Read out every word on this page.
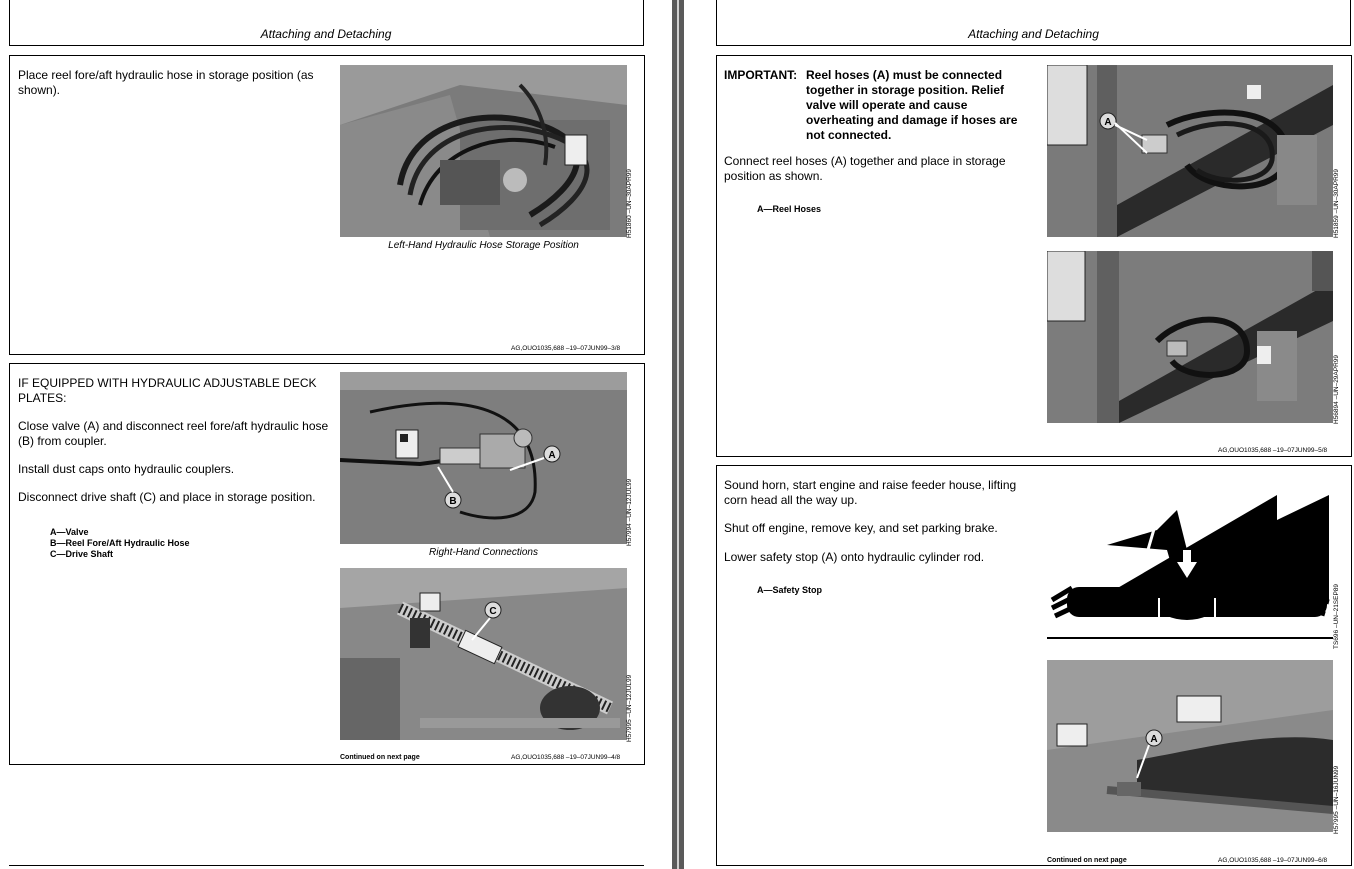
Attaching and Detaching
Place reel fore/aft hydraulic hose in storage position (as shown).
H51860 –UN–30APR99
Left-Hand Hydraulic Hose Storage Position
AG,OUO1035,688 –19–07JUN99–3/8
IF EQUIPPED WITH HYDRAULIC ADJUSTABLE DECK PLATES:
Close valve (A) and disconnect reel fore/aft hydraulic hose (B) from coupler.
Install dust caps onto hydraulic couplers.
Disconnect drive shaft (C) and place in storage position.
A—Valve
B—Reel Fore/Aft Hydraulic Hose
C—Drive Shaft
B
A
H57994 –UN–12JUL99
Right-Hand Connections
C
H57995 –UN–12JUL99
Continued on next page	AG,OUO1035,688 –19–07JUN99–4/8
Attaching and Detaching
IMPORTANT: Reel hoses (A) must be connected together in storage position. Relief valve will operate and cause overheating and damage if hoses are not connected.
Connect reel hoses (A) together and place in storage position as shown.
A—Reel Hoses
A
H51859 –UN–30APR99
H56894 –UN–29APR99
AG,OUO1035,688 –19–07JUN99–5/8
Sound horn, start engine and raise feeder house, lifting corn head all the way up.
Shut off engine, remove key, and set parking brake.
Lower safety stop (A) onto hydraulic cylinder rod.
A—Safety Stop	TS696 –UN–21SEP89
A
H57995 –UN–16JUN99
Continued on next page	AG,OUO1035,688 –19–07JUN99–6/8
